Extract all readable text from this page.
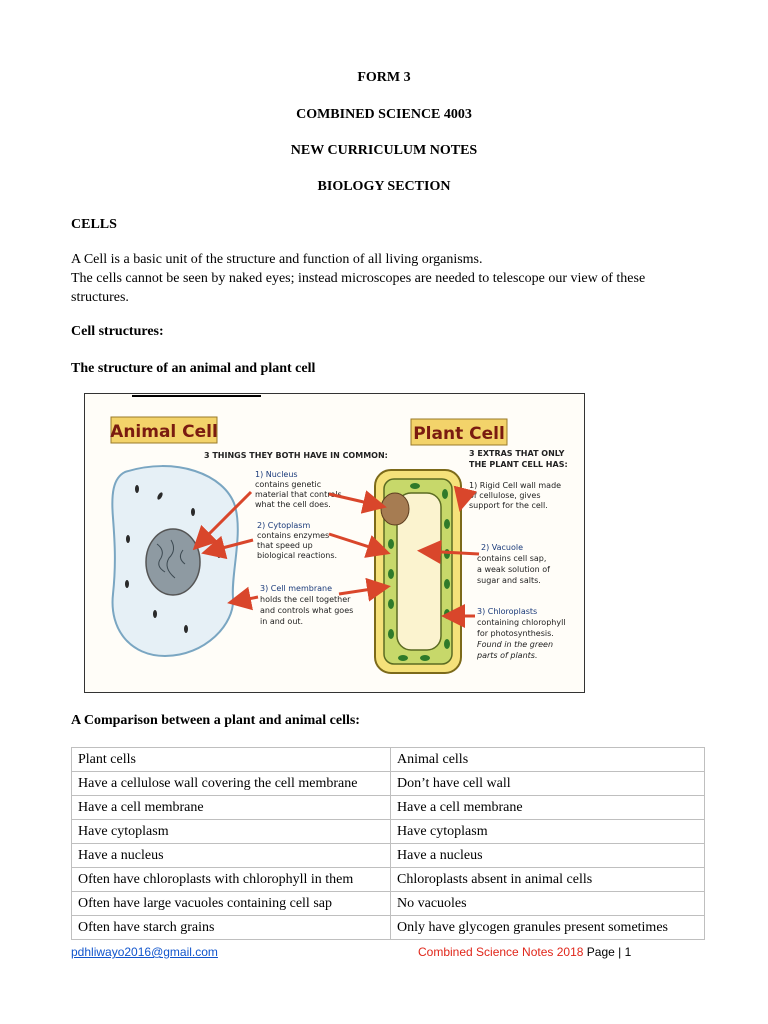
FORM 3
COMBINED SCIENCE 4003
NEW CURRICULUM NOTES
BIOLOGY SECTION
CELLS
A Cell is a basic unit of the structure and function of all living organisms.
The cells cannot be seen by naked eyes; instead microscopes are needed to telescope our view of these
structures.
Cell structures:
The structure of an animal and plant cell
Animal Cell	Plant Cell
3 THINGS THEY BOTH HAVE IN COMMON:	3 EXTRAS THAT ONLY
THE PLANT CELL HAS:
1) Nucleus
contains genetic
material that controls
what the cell does.
2) Cytoplasm
contains enzymes
that speed up
biological reactions.
3) Cell membrane
holds the cell together
and controls what goes
in and out.
1) Rigid Cell wall made
of cellulose, gives
support for the cell.
2) Vacuole
contains cell sap,
a weak solution of
sugar and salts.
3) Chloroplasts
containing chlorophyll
for photosynthesis.
Found in the green
parts of plants.
A Comparison between a plant and animal cells:
Plant cells	Animal cells
Have a cellulose wall covering the cell membrane	Don’t have cell wall
Have a cell membrane	Have a cell membrane
Have cytoplasm	Have cytoplasm
Have a nucleus	Have a nucleus
Often have chloroplasts with chlorophyll in them	Chloroplasts absent in animal cells
Often have large vacuoles containing cell sap	No vacuoles
Often have starch grains	Only have glycogen granules present sometimes
pdhliwayo2016@gmail.com	Combined Science Notes 2018 Page | 1
